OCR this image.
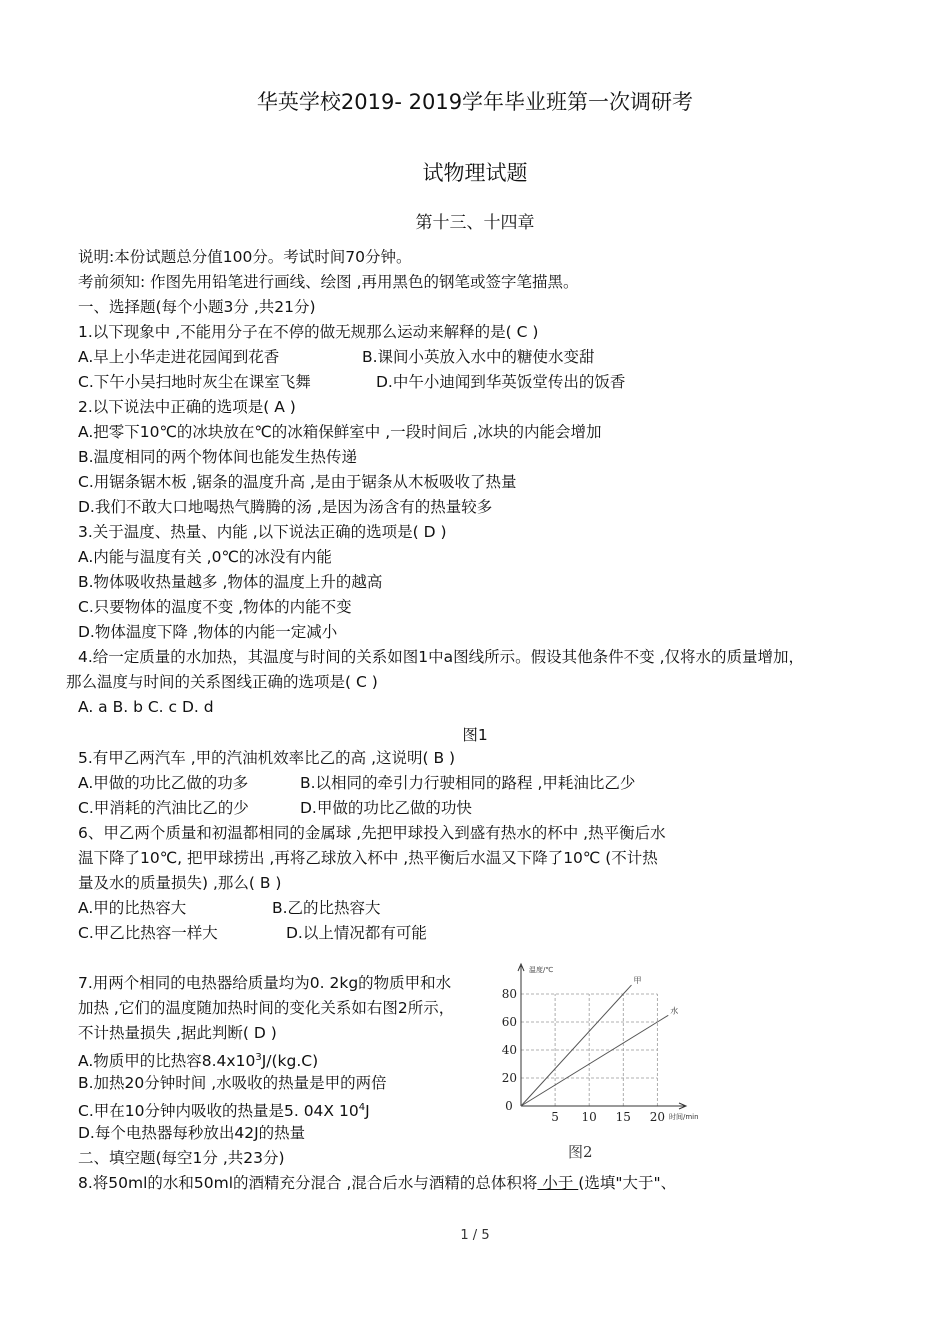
华英学校2019- 2019学年毕业班第一次调研考
试物理试题
第十三、十四章
说明:本份试题总分值100分。考试时间70分钟。
考前须知: 作图先用铅笔进行画线、绘图 ,再用黑色的钢笔或签字笔描黑。
一、选择题(每个小题3分 ,共21分)
1.以下现象中 ,不能用分子在不停的做无规那么运动来解释的是( C )
A.早上小华走进花园闻到花香	B.课间小英放入水中的糖使水变甜
C.下午小吴扫地时灰尘在课室飞舞	D.中午小迪闻到华英饭堂传出的饭香
2.以下说法中正确的选项是( A )
A.把零下10℃的冰块放在℃的冰箱保鲜室中 ,一段时间后 ,冰块的内能会增加
B.温度相同的两个物体间也能发生热传递
C.用锯条锯木板 ,锯条的温度升高 ,是由于锯条从木板吸收了热量
D.我们不敢大口地喝热气腾腾的汤 ,是因为汤含有的热量较多
3.关于温度、热量、内能 ,以下说法正确的选项是( D )
A.内能与温度有关 ,0℃的冰没有内能
B.物体吸收热量越多 ,物体的温度上升的越高
C.只要物体的温度不变 ,物体的内能不变
D.物体温度下降 ,物体的内能一定减小
4.给一定质量的水加热，其温度与时间的关系如图1中a图线所示。假设其他条件不变 ,仅将水的质量增加，
那么温度与时间的关系图线正确的选项是( C )
A. a B. b C. c D. d
图1
5.有甲乙两汽车 ,甲的汽油机效率比乙的高 ,这说明( B )
A.甲做的功比乙做的功多	B.以相同的牵引力行驶相同的路程 ,甲耗油比乙少
C.甲消耗的汽油比乙的少	D.甲做的功比乙做的功快
6、甲乙两个质量和初温都相同的金属球 ,先把甲球投入到盛有热水的杯中 ,热平衡后水
温下降了10℃, 把甲球捞出 ,再将乙球放入杯中 ,热平衡后水温又下降了10℃ (不计热
量及水的质量损失) ,那么( B )
A.甲的比热容大	B.乙的比热容大
C.甲乙比热容一样大	D.以上情况都有可能
7.用两个相同的电热器给质量均为0. 2kg的物质甲和水
加热 ,它们的温度随加热时间的变化关系如右图2所示，
不计热量损失 ,据此判断( D )
A.物质甲的比热容$8.4x10^3J/(kg.C)$
B.加热20分钟时间 ,水吸收的热量是甲的两倍
C.甲在10分钟内吸收的热量是5. 04X $10^4J$
D.每个电热器每秒放出42J的热量
0
5 10 15 20
20
40
60
80
温度/℃
时间/min
甲
水
图2
二、填空题(每空1分 ,共23分)
8.将50ml的水和50ml的酒精充分混合 ,混合后水与酒精的总体积将 小于 (选填"大于"、
1 / 5
